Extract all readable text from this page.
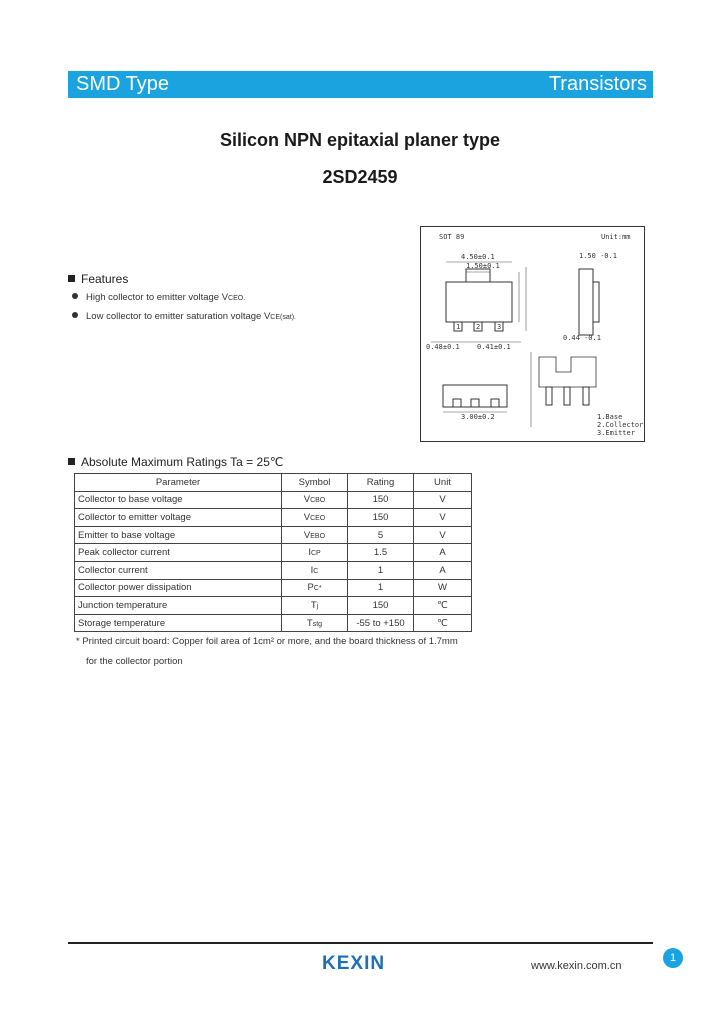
SMD Type	Transistors
Silicon NPN epitaxial planer type
2SD2459
SOT 89	Unit:mm
1 2 3
4.50±0.1
1.50±0.1
1.50 -0.1
0.48±0.1 0.41±0.1
0.44 -0.1
3.00±0.2	1.Base
2.Collector
3.Emitter
Features
High collector to emitter voltage VCEO.
Low collector to emitter saturation voltage VCE(sat).
Absolute Maximum Ratings Ta = 25℃
Parameter	Symbol	Rating	Unit
Collector to base voltage	VCBO	150	V
Collector to emitter voltage	VCEO	150	V
Emitter to base voltage	VEBO	5	V
Peak collector current	ICP	1.5	A
Collector current	IC	1	A
Collector power dissipation	PC*	1	W
Junction temperature	Tj	150	℃
Storage temperature	Tstg	-55 to +150	℃
* Printed circuit board: Copper foil area of 1cm² or more, and the board thickness of 1.7mm
for the collector portion
KEXIN	www.kexin.com.cn
1
